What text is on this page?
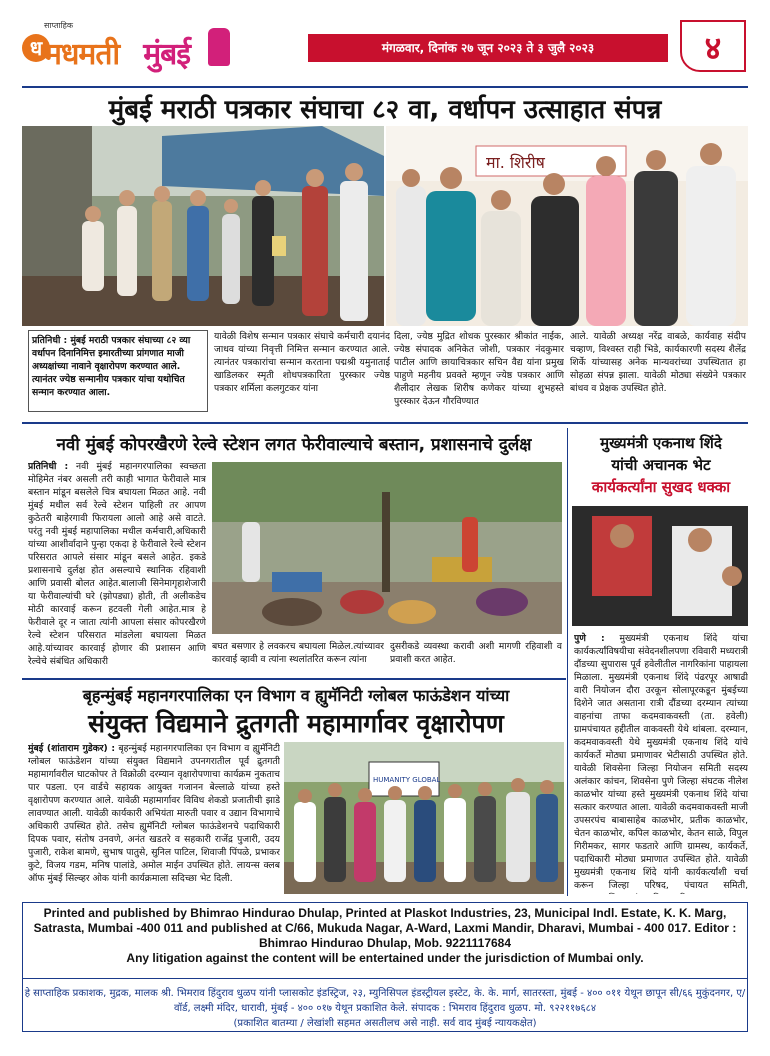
साप्ताहिक
ध मधमती मुंबई	मंगळवार, दिनांक २७ जून २०२३ ते ३ जुलै २०२३	४
मुंबई मराठी पत्रकार संघाचा ८२ वा, वर्धापन उत्साहात संपन्न
मा. शिरीष
प्रतिनिधी : मुंबई मराठी पत्रकार संघाच्या ८२ व्या वर्धापन दिनानिमित्त इमारतीच्या प्रांगणात माजी अध्यक्षांच्या नावाने वृक्षारोपण करण्यात आले. त्यानंतर ज्येष्ठ सन्मानीय पत्रकार यांचा यथोचित सन्मान करण्यात आला.
यावेळी विशेष सन्मान पत्रकार संघाचे कर्मचारी दयानंद जाधव यांच्या निवृत्ती निमित्त सन्मान करण्यात आले. त्यानंतर पत्रकारांचा सन्मान करताना पद्मश्री यमुनाताई खाडिलकर स्मृती शोधपत्रकारिता पुरस्कार ज्येष्ठ पत्रकार शर्मिला कलगुटकर यांना
दिला, ज्येष्ठ मुद्रित शोधक पुरस्कार श्रीकांत नाईक, ज्येष्ठ संपादक अनिकेत जोशी, पत्रकार नंदकुमार पाटील आणि छायाचित्रकार सचिन वैद्य यांना प्रमुख पाहुणे महनीय प्रवक्ते म्हणून ज्येष्ठ पत्रकार आणि शैलीदार लेखक शिरीष कणेकर यांच्या शुभहस्ते पुरस्कार देऊन गौरविण्यात
आले. यावेळी अध्यक्ष नरेंद्र वाबळे, कार्यवाह संदीप चव्हाण, विश्वस्त राही भिडे, कार्यकारणी सदस्य शैलेंद्र शिर्के यांच्यासह अनेक मान्यवरांच्या उपस्थितात हा सोहळा संपन्न झाला. यावेळी मोठ्या संख्येने पत्रकार बांधव व प्रेक्षक उपस्थित होते.
नवी मुंबई कोपरखैरणे रेल्वे स्टेशन लगत फेरीवाल्याचे बस्तान, प्रशासनाचे दुर्लक्ष
प्रतिनिधी : नवी मुंबई महानगरपालिका स्वच्छता मोहिमेत नंबर असली तरी काही भागात फेरीवाले मात्र बस्तान मांडून बसलेले चित्र बघायला मिळत आहे. नवी मुंबई मधील सर्व रेल्वे स्टेशन पाहिली तर आपण कुठेतरी बाहेरगावी फिरायला आलो आहे असे वाटते. परंतु नवी मुंबई महापालिका मधील कर्मचारी,अधिकारी यांच्या आशीर्वादाने पुन्हा एकदा हे फेरीवाले रेल्वे स्टेशन परिसरात आपले संसार मांडून बसले आहेत. इकडे प्रशासनाचे दुर्लक्ष होत असल्याचे स्थानिक रहिवाशी आणि प्रवासी बोलत आहेत.बालाजी सिनेमागृहाशेजारी या फेरीवाल्यांची घरे (झोपड्या) होती, ती अलीकडेच मोठी कारवाई करून हटवली गेली आहेत.मात्र हे फेरीवाले दूर न जाता त्यांनी आपला संसार कोपरखैरणे रेल्वे स्टेशन परिसरात मांडलेला बघायला मिळत आहे.यांच्यावर कारवाई होणार की प्रशासन आणि रेल्वेचे संबंधित अधिकारी
बघत बसणार हे लवकरच बघायला मिळेल.त्यांच्यावर कारवाई व्हावी व त्यांना स्थलांतरित करून त्यांना
दुसरीकडे व्यवस्था करावी अशी मागणी रहिवाशी व प्रवाशी करत आहेत.
मुख्यमंत्री एकनाथ शिंदे
यांची अचानक भेट
कार्यकर्त्यांना सुखद धक्का
पुणे : मुख्यमंत्री एकनाथ शिंदे यांचा कार्यकर्त्यांविषयीचा संवेदनशीलपणा रविवारी मध्यरात्री दौंडच्या सुपारास पूर्व हवेलीतील नागरिकांना पाहायला मिळाला. मुख्यमंत्री एकनाथ शिंदे पंढरपूर आषाढी वारी नियोजन दौरा उरकून सोलापूरकडून मुंबईच्या दिशेने जात असताना रात्री दौंडच्या दरम्यान त्यांच्या वाहनांचा ताफा कदमवाकवस्ती (ता. हवेली) ग्रामपंचायत हद्दीतील वाकवस्ती येथे थांबला. दरम्यान, कदमवाकवस्ती येथे मुख्यमंत्री एकनाथ शिंदे यांचे कार्यकर्ते मोठ्या प्रमाणावर भेटीसाठी उपस्थित होते. यावेळी शिवसेना जिल्हा नियोजन समिती सदस्य अलंकार कांचन, शिवसेना पुणे जिल्हा संघटक नीलेश काळभोर यांच्या हस्ते मुख्यमंत्री एकनाथ शिंदे यांचा सत्कार करण्यात आला. यावेळी कदमवाकवस्ती माजी उपसरपंच बाबासाहेब काळभोर, प्रतीक काळभोर, चेतन काळभोर, कपिल काळभोर, केतन साळे, विपुल गिरीमकर, सागर फडतारे आणि ग्रामस्थ, कार्यकर्ते, पदाधिकारी मोठ्या प्रमाणात उपस्थित होते. यावेळी मुख्यमंत्री एकनाथ शिंदे यांनी कार्यकर्त्यांशी चर्चा करून जिल्हा परिषद, पंचायत समिती,
बृहन्मुंबई महानगरपालिका एन विभाग व ह्युमॅनिटी ग्लोबल फाऊंडेशन यांच्या
संयुक्त विद्यमाने द्रुतगती महामार्गावर वृक्षारोपण
मुंबई (शांताराम गुडेकर) : बृहन्मुंबई महानगरपालिका एन विभाग व ह्युमॅनिटी ग्लोबल फाऊंडेशन यांच्या संयुक्त विद्यमाने उपनगरातील पूर्व द्रुतगती महामार्गावरील घाटकोपर ते विक्रोळी दरम्यान वृक्षारोपणाचा कार्यक्रम नुकताच पार पडला. एन वार्डचे सहायक आयुक्त गजानन बेल्लाळे यांच्या हस्ते वृक्षारोपण करण्यात आले. यावेळी महामार्गावर विविध शेकडो प्रजातीची झाडे लावण्यात आली. यावेळी कार्यकारी अभियंता मारुती पवार व उद्यान विभागाचे अधिकारी उपस्थित होते. तसेच ह्युमॅनिटी ग्लोबल फाऊंडेशनचे पदाधिकारी दिपक पवार, संतोष उनवणे, अनंत खडतरे व सहकारी राजेंद्र पुजारी, उदय पुजारी, राकेश बामणे, सुभाष पातुसे, सुनिल पाटिल, शिवाजी पिंपळे, प्रभाकर कुटे, विजय गडम, मनिष पालांडे, अमोल माईन उपस्थित होते. लायन्स क्लब ऑफ मुंबई सिल्व्हर ओक यांनी कार्यक्रमाला सदिच्छा भेट दिली.
HUMANITY GLOBAL
Printed and published by Bhimrao Hindurao Dhulap, Printed at Plaskot Industries, 23, Municipal Indl. Estate, K. K. Marg, Satrasta, Mumbai -400 011 and published at C/66, Mukuda Nagar, A-Ward, Laxmi Mandir, Dharavi, Mumbai - 400 017. Editor : Bhimrao Hindurao Dhulap, Mob. 9221117684
Any litigation against the content will be entertained under the jurisdiction of Mumbai only.
हे साप्ताहिक प्रकाशक, मुद्रक, मालक श्री. भिमराव हिंदुराव धुळप यांनी प्लासकोट इंडस्ट्रिज, २३, म्युनिसिपल इंडस्ट्रीयल इस्टेट, के. के. मार्ग, सातरस्ता, मुंबई - ४०० ०११ येथून छापून सी/६६ मुकुंदनगर, ए/ वॉर्ड, लक्ष्मी मंदिर, धारावी, मुंबई - ४०० ०१७ येथून प्रकाशित केले. संपादक : भिमराव हिंदुराव धुळप. मो. ९२२११७६८४
(प्रकाशित बातम्या / लेखांशी सहमत असतीलच असे नाही. सर्व वाद मुंबई न्यायकक्षेत)
